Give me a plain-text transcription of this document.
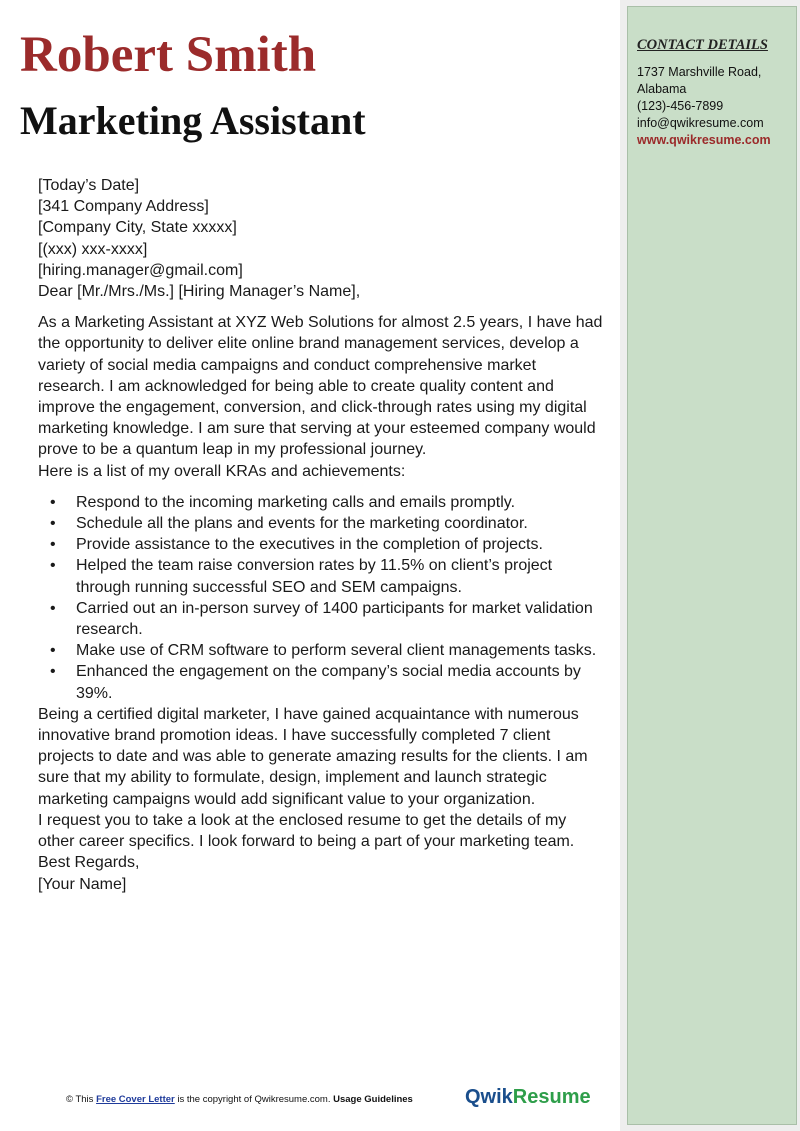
CONTACT DETAILS
1737 Marshville Road,
Alabama
(123)-456-7899
info@qwikresume.com
www.qwikresume.com
Robert Smith
Marketing Assistant

[Today’s Date]

[341 Company Address]

[Company City, State xxxxx]

[(xxx) xxx-xxxx]

[hiring.manager@gmail.com]

Dear [Mr./Mrs./Ms.] [Hiring Manager’s Name],

As a Marketing Assistant at XYZ Web Solutions for almost 2.5 years, I have had the opportunity to deliver elite online brand management services, develop a variety of social media campaigns and conduct comprehensive market research. I am acknowledged for being able to create quality content and improve the engagement, conversion, and click-through rates using my digital marketing knowledge. I am sure that serving at your esteemed company would prove to be a quantum leap in my professional journey.

Here is a list of my overall KRAs and achievements:

• Respond to the incoming marketing calls and emails promptly.
• Schedule all the plans and events for the marketing coordinator.
• Provide assistance to the executives in the completion of projects.
• Helped the team raise conversion rates by 11.5% on client’s project through running successful SEO and SEM campaigns.
• Carried out an in-person survey of 1400 participants for market validation research.
• Make use of CRM software to perform several client managements tasks.
• Enhanced the engagement on the company’s social media accounts by 39%.

Being a certified digital marketer, I have gained acquaintance with numerous innovative brand promotion ideas. I have successfully completed 7 client projects to date and was able to generate amazing results for the clients. I am sure that my ability to formulate, design, implement and launch strategic marketing campaigns would add significant value to your organization.

I request you to take a look at the enclosed resume to get the details of my other career specifics. I look forward to being a part of your marketing team.

Best Regards,

[Your Name]

© This Free Cover Letter is the copyright of Qwikresume.com. Usage Guidelines	QwikResume
